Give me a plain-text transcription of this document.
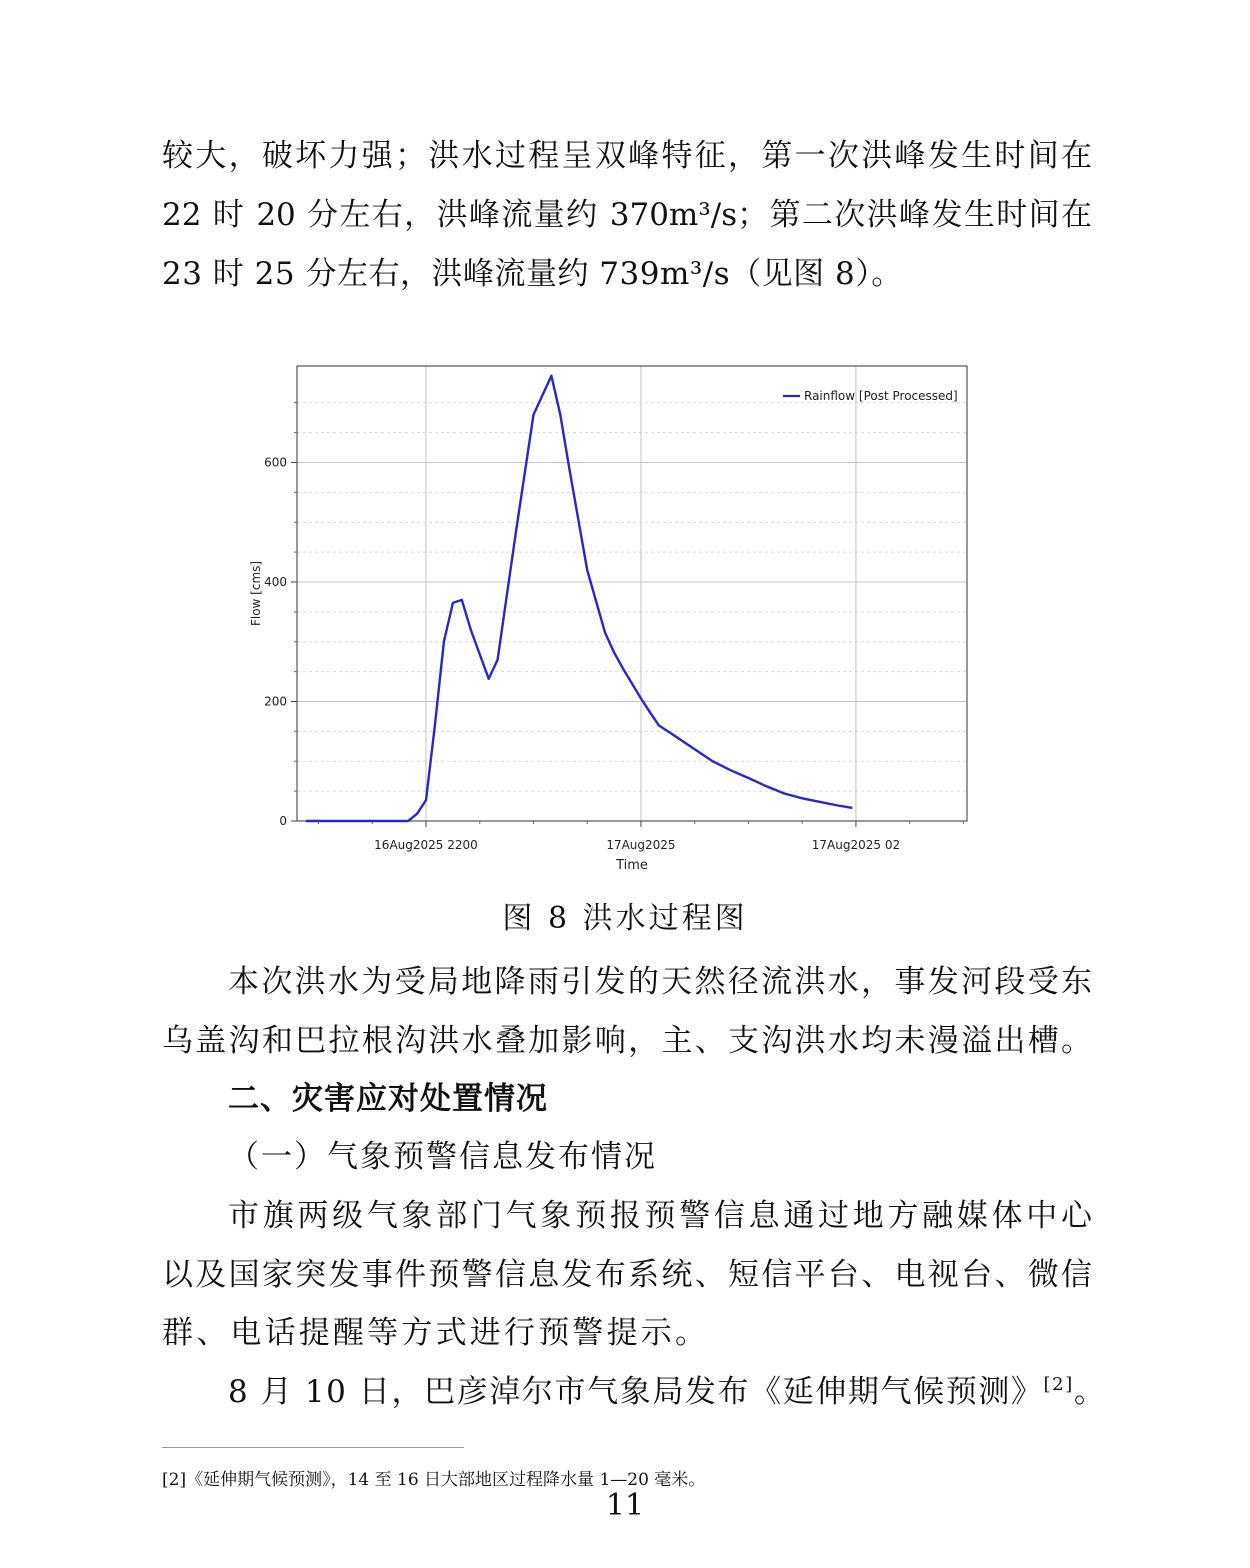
较大，破坏力强；洪水过程呈双峰特征，第一次洪峰发生时间在
22 时 20 分左右，洪峰流量约 370m³/s；第二次洪峰发生时间在
23 时 25 分左右，洪峰流量约 739m³/s（见图 8）。
0
200
400
600
16Aug2025 2200	17Aug2025	17Aug2025 02
Rainflow [Post Processed]
Flow [cms]
Time
图 8 洪水过程图
本次洪水为受局地降雨引发的天然径流洪水，事发河段受东
乌盖沟和巴拉根沟洪水叠加影响，主、支沟洪水均未漫溢出槽。
二、灾害应对处置情况
（一）气象预警信息发布情况
市旗两级气象部门气象预报预警信息通过地方融媒体中心
以及国家突发事件预警信息发布系统、短信平台、电视台、微信
群、电话提醒等方式进行预警提示。
8 月 10 日，巴彦淖尔市气象局发布《延伸期气候预测》[2]。
[2]《延伸期气候预测》，14 至 16 日大部地区过程降水量 1—20 毫米。
11
